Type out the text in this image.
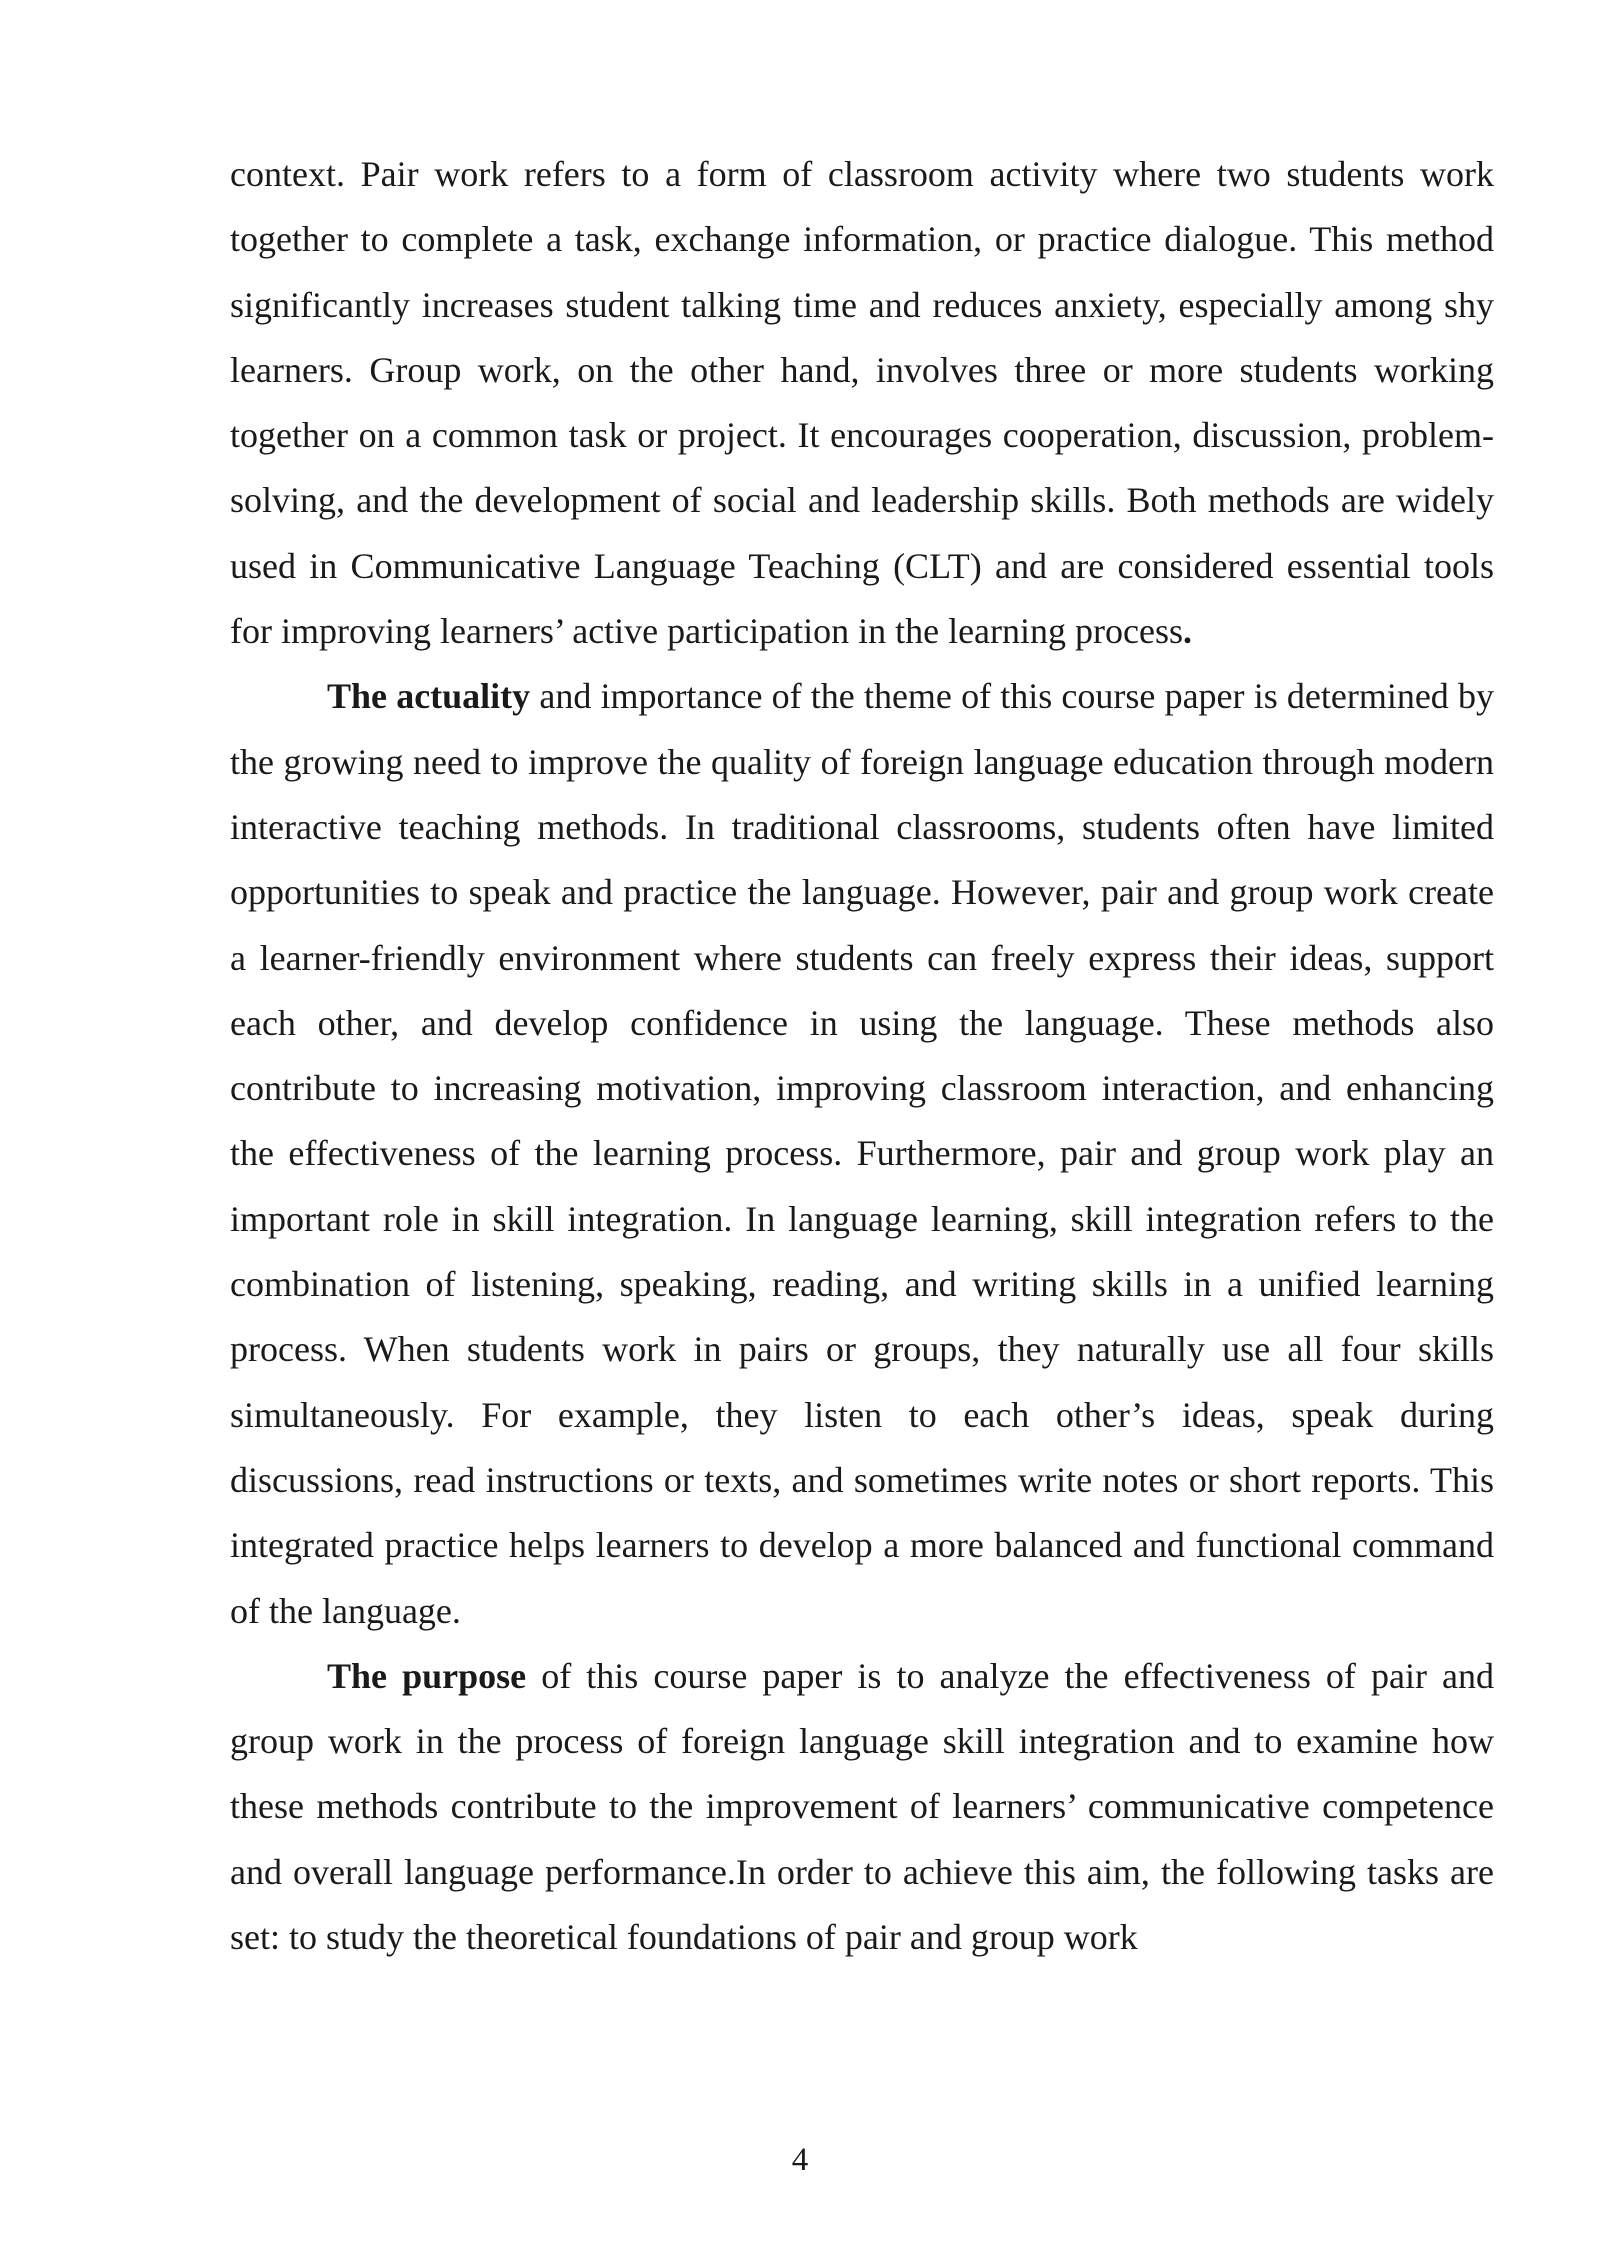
context. Pair work refers to a form of classroom activity where two students work together to complete a task, exchange information, or practice dialogue. This method significantly increases student talking time and reduces anxiety, especially among shy learners. Group work, on the other hand, involves three or more students working together on a common task or project. It encourages cooperation, discussion, problem-solving, and the development of social and leadership skills. Both methods are widely used in Communicative Language Teaching (CLT) and are considered essential tools for improving learners’ active participation in the learning process.

The actuality and importance of the theme of this course paper is determined by the growing need to improve the quality of foreign language education through modern interactive teaching methods. In traditional classrooms, students often have limited opportunities to speak and practice the language. However, pair and group work create a learner-friendly environment where students can freely express their ideas, support each other, and develop confidence in using the language. These methods also contribute to increasing motivation, improving classroom interaction, and enhancing the effectiveness of the learning process. Furthermore, pair and group work play an important role in skill integration. In language learning, skill integration refers to the combination of listening, speaking, reading, and writing skills in a unified learning process. When students work in pairs or groups, they naturally use all four skills simultaneously. For example, they listen to each other’s ideas, speak during discussions, read instructions or texts, and sometimes write notes or short reports. This integrated practice helps learners to develop a more balanced and functional command of the language.

The purpose of this course paper is to analyze the effectiveness of pair and group work in the process of foreign language skill integration and to examine how these methods contribute to the improvement of learners’ communicative competence and overall language performance.In order to achieve this aim, the following tasks are set: to study the theoretical foundations of pair and group work

4
